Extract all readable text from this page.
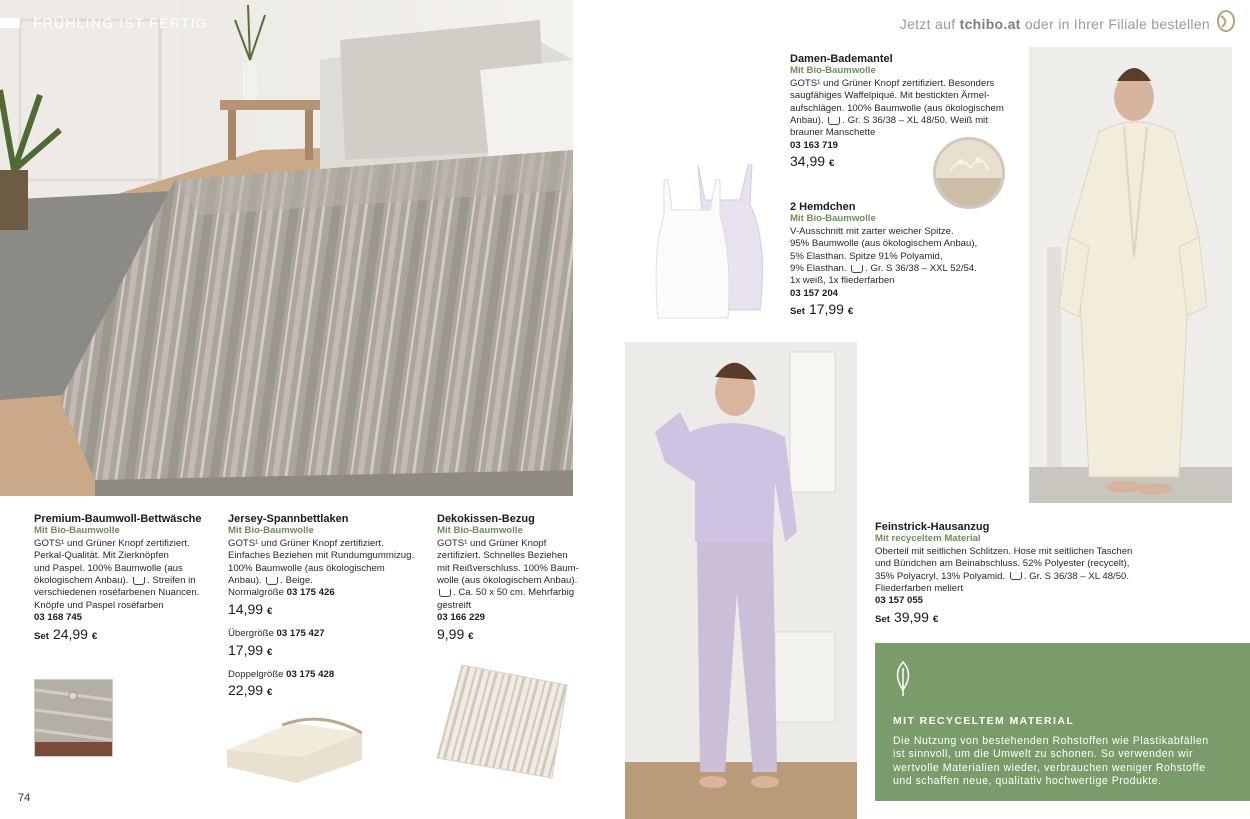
FRÜHLING IST FERTIG	Jetzt auf tchibo.at oder in Ihrer Filiale bestellen
Premium-Baumwoll-Bettwäsche
Mit Bio-Baumwolle
GOTS¹ und Grüner Knopf zertifiziert.
Perkal-Qualität. Mit Zierknöpfen
und Paspel. 100% Baumwolle (aus
ökologischem Anbau). . Streifen in
verschiedenen roséfarbenen Nuancen.
Knöpfe und Paspel roséfarben
03 168 745
Set 24,99 €
Jersey-Spannbettlaken
Mit Bio-Baumwolle
GOTS¹ und Grüner Knopf zertifiziert.
Einfaches Beziehen mit Rundumgummizug.
100% Baumwolle (aus ökologischem
Anbau). . Beige.
Normalgröße 03 175 426
14,99 €
Übergröße 03 175 427
17,99 €
Doppelgröße 03 175 428
22,99 €
Dekokissen-Bezug
Mit Bio-Baumwolle
GOTS¹ und Grüner Knopf
zertifiziert. Schnelles Beziehen
mit Reißverschluss. 100% Baum-
wolle (aus ökologischem Anbau).
. Ca. 50 x 50 cm. Mehrfarbig
gestreift
03 166 229
9,99 €
Damen-Bademantel
Mit Bio-Baumwolle
GOTS¹ und Grüner Knopf zertifiziert. Besonders
saugfähiges Waffelpiqué. Mit bestickten Ärmel-
aufschlägen. 100% Baumwolle (aus ökologischem
Anbau). . Gr. S 36/38 – XL 48/50. Weiß mit
brauner Manschette
03 163 719
34,99 €
2 Hemdchen
Mit Bio-Baumwolle
V-Ausschnitt mit zarter weicher Spitze.
95% Baumwolle (aus ökologischem Anbau),
5% Elasthan. Spitze 91% Polyamid,
9% Elasthan. . Gr. S 36/38 – XXL 52/54.
1x weiß, 1x fliederfarben
03 157 204
Set 17,99 €
Feinstrick-Hausanzug
Mit recyceltem Material
Oberteil mit seitlichen Schlitzen. Hose mit seitlichen Taschen
und Bündchen am Beinabschluss. 52% Polyester (recycelt),
35% Polyacryl, 13% Polyamid. . Gr. S 36/38 – XL 48/50.
Fliederfarben meliert
03 157 055
Set 39,99 €
MIT RECYCELTEM MATERIAL
Die Nutzung von bestehenden Rohstoffen wie Plastikabfällen
ist sinnvoll, um die Umwelt zu schonen. So verwenden wir
wertvolle Materialien wieder, verbrauchen weniger Rohstoffe
und schaffen neue, qualitativ hochwertige Produkte.
74
